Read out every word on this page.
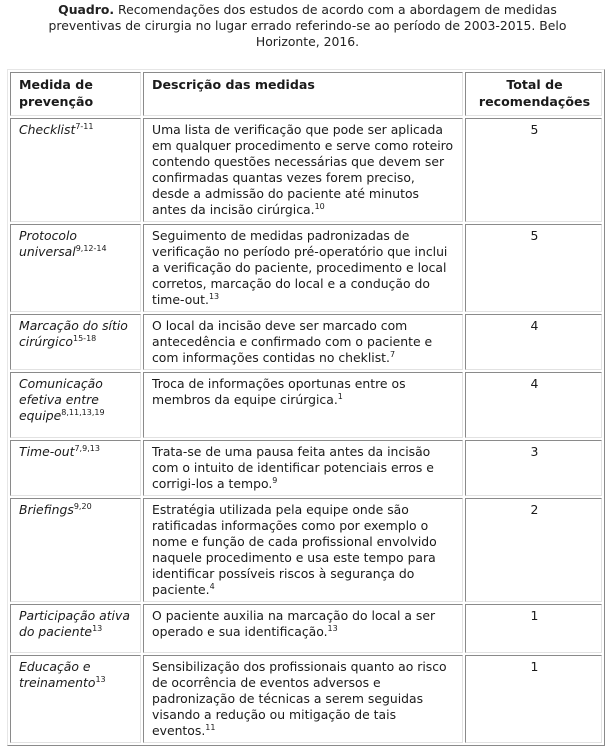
Quadro. Recomendações dos estudos de acordo com a abordagem de medidas preventivas de cirurgia no lugar errado referindo-se ao período de 2003-2015. Belo Horizonte, 2016.
Medida de prevenção	Descrição das medidas	Total de recomendações
Checklist$^{7-11}$	Uma lista de verificação que pode ser aplicada em qualquer procedimento e serve como roteiro contendo questões necessárias que devem ser confirmadas quantas vezes forem preciso, desde a admissão do paciente até minutos antes da incisão cirúrgica.$^{10}$	5
Protocolo universal$^{9,12-14}$	Seguimento de medidas padronizadas de verificação no período pré-operatório que inclui a verificação do paciente, procedimento e local corretos, marcação do local e a condução do time-out.$^{13}$	5
Marcação do sítio cirúrgico$^{15-18}$	O local da incisão deve ser marcado com antecedência e confirmado com o paciente e com informações contidas no cheklist.$^7$	4
Comunicação efetiva entre equipe$^{8,11,13,19}$	Troca de informações oportunas entre os membros da equipe cirúrgica.$^1$	4
Time-out$^{7,9,13}$	Trata-se de uma pausa feita antes da incisão com o intuito de identificar potenciais erros e corrigi-los a tempo.$^9$	3
Briefings$^{9,20}$	Estratégia utilizada pela equipe onde são ratificadas informações como por exemplo o nome e função de cada profissional envolvido naquele procedimento e usa este tempo para identificar possíveis riscos à segurança do paciente.$^4$	2
Participação ativa do paciente$^{13}$	O paciente auxilia na marcação do local a ser operado e sua identificação.$^{13}$	1
Educação e treinamento$^{13}$	Sensibilização dos profissionais quanto ao risco de ocorrência de eventos adversos e padronização de técnicas a serem seguidas visando a redução ou mitigação de tais eventos.$^{11}$	1
